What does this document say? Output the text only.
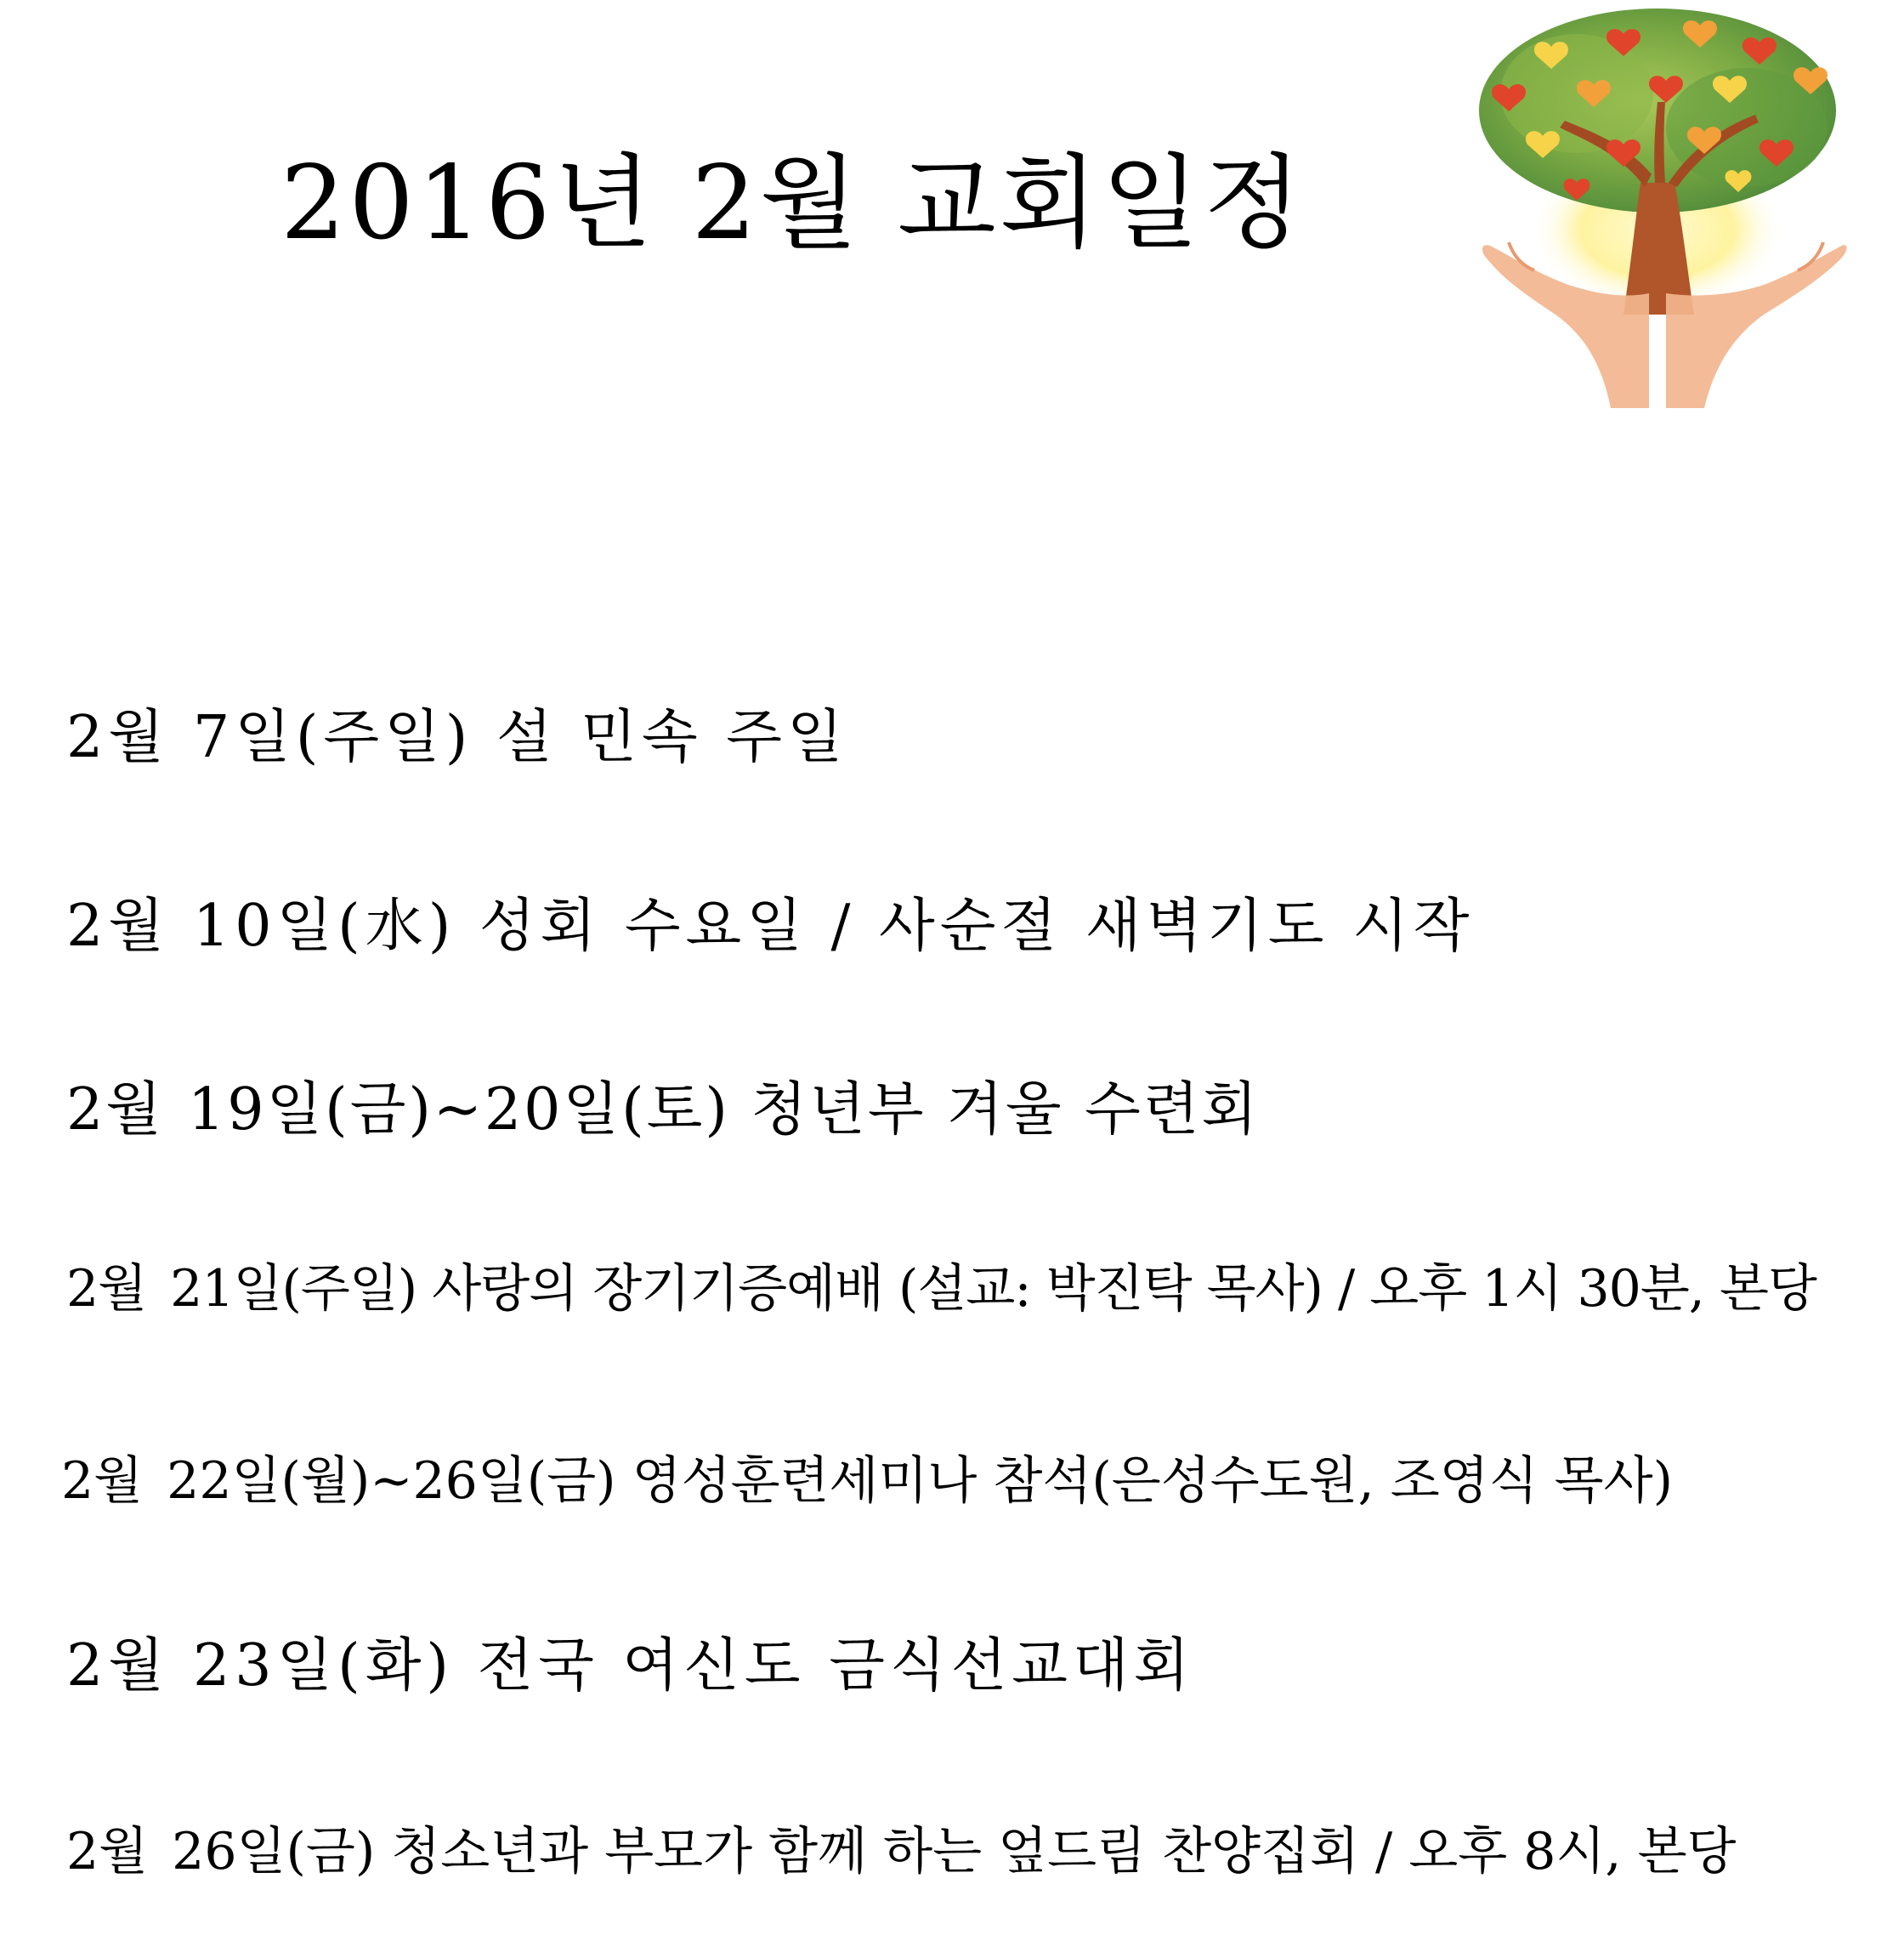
2016년 2월 교회일정
2월 7일(주일) 설 민속 주일
2월 10일(水) 성회 수요일 / 사순절 새벽기도 시작
2월 19일(금)~20일(토) 청년부 겨울 수련회
2월 21일(주일) 사랑의 장기기증예배 (설교: 박진탁 목사) / 오후 1시 30분, 본당
2월 22일(월)~26일(금) 영성훈련세미나 참석(은성수도원, 조영식 목사)
2월 23일(화) 전국 여신도 금식선교대회
2월 26일(금) 청소년과 부모가 함께 하는 엎드림 찬양집회 / 오후 8시, 본당
